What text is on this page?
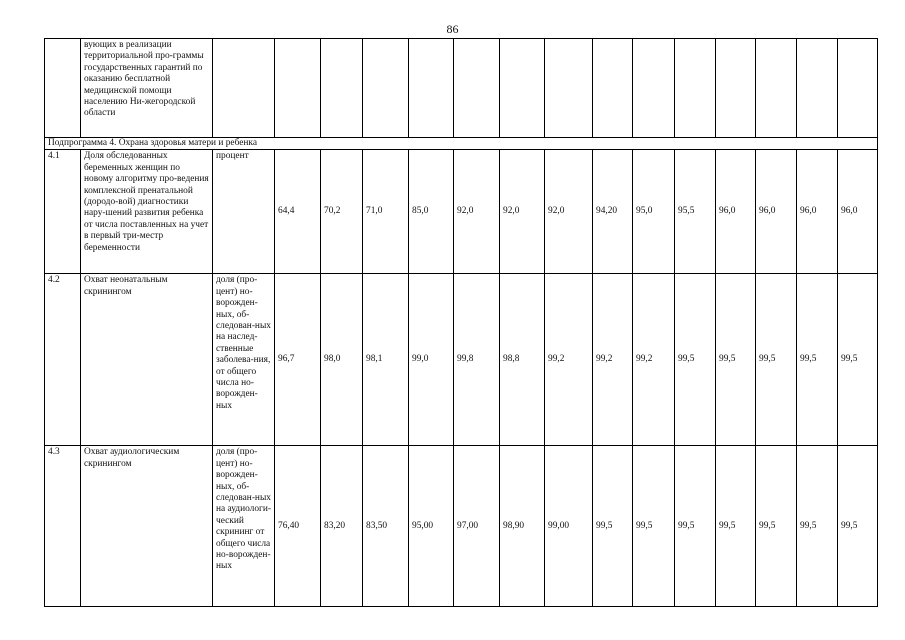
86
	вующих в реализации территориальной про-граммы государственных гарантий по оказанию бесплатной медицинской помощи населению Ни-жегородской области															
Подпрограмма 4. Охрана здоровья матери и ребенка																
4.1	Доля обследованных беременных женщин по новому алгоритму про-ведения комплексной пренатальной (дородо-вой) диагностики нару-шений развития ребенка от числа поставленных на учет в первый три-местр беременности	процент	64,4	70,2	71,0	85,0	92,0	92,0	92,0	94,20	95,0	95,5	96,0	96,0	96,0	96,0
4.2	Охват неонатальным скринингом	доля (про-цент) но-ворожден-ных, об-следован-ных на наслед-ственные заболева-ния, от общего числа но-ворожден-ных	96,7	98,0	98,1	99,0	99,8	98,8	99,2	99,2	99,2	99,5	99,5	99,5	99,5	99,5
4.3	Охват аудиологическим скринингом	доля (про-цент) но-ворожден-ных, об-следован-ных на аудиологи-ческий скрининг от общего числа но-ворожден-ных	76,40	83,20	83,50	95,00	97,00	98,90	99,00	99,5	99,5	99,5	99,5	99,5	99,5	99,5
